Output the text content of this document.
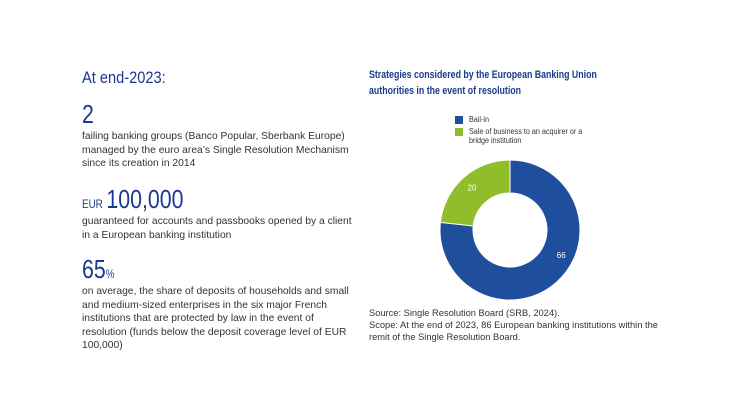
At end-2023:
2
failing banking groups (Banco Popular, Sberbank Europe) managed by the euro area’s Single Resolution Mechanism since its creation in 2014
EUR 100,000
guaranteed for accounts and passbooks opened by a client in a European banking institution
65%
on average, the share of deposits of households and small and medium-sized enterprises in the six major French institutions that are protected by law in the event of resolution (funds below the deposit coverage level of EUR 100,000)
Strategies considered by the European Banking Union authorities in the event of resolution
Bail-in
Sale of business to an acquirer or a bridge institution
Source: Single Resolution Board (SRB, 2024).
Scope: At the end of 2023, 86 European banking institutions within the remit of the Single Resolution Board.
66
20
